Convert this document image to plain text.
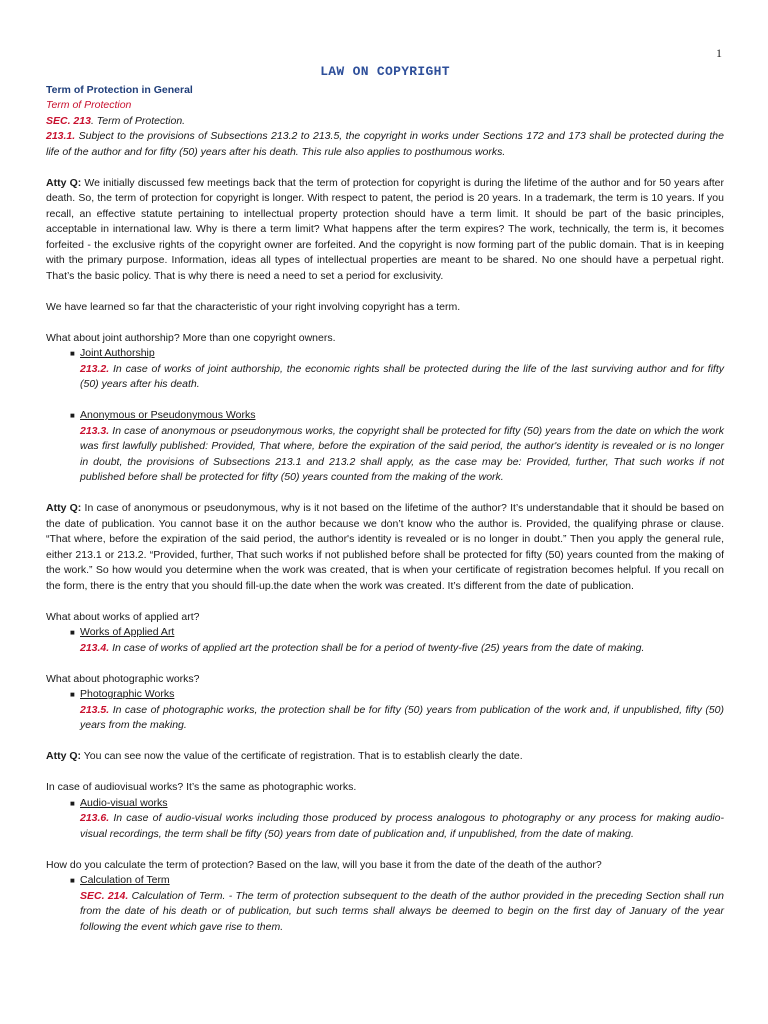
1
LAW ON COPYRIGHT
Term of Protection in General
Term of Protection
SEC. 213. Term of Protection.
213.1. Subject to the provisions of Subsections 213.2 to 213.5, the copyright in works under Sections 172 and 173 shall be protected during the life of the author and for fifty (50) years after his death. This rule also applies to posthumous works.
Atty Q: We initially discussed few meetings back that the term of protection for copyright is during the lifetime of the author and for 50 years after death. So, the term of protection for copyright is longer. With respect to patent, the period is 20 years. In a trademark, the term is 10 years. If you recall, an effective statute pertaining to intellectual property protection should have a term limit. It should be part of the basic principles, acceptable in international law. Why is there a term limit? What happens after the term expires? The work, technically, the term is, it becomes forfeited - the exclusive rights of the copyright owner are forfeited. And the copyright is now forming part of the public domain. That is in keeping with the primary purpose. Information, ideas all types of intellectual properties are meant to be shared. No one should have a perpetual right. That’s the basic policy. That is why there is need a need to set a period for exclusivity.
We have learned so far that the characteristic of your right involving copyright has a term.
What about joint authorship? More than one copyright owners.
■ Joint Authorship
213.2. In case of works of joint authorship, the economic rights shall be protected during the life of the last surviving author and for fifty (50) years after his death.
■ Anonymous or Pseudonymous Works
213.3. In case of anonymous or pseudonymous works, the copyright shall be protected for fifty (50) years from the date on which the work was first lawfully published: Provided, That where, before the expiration of the said period, the author's identity is revealed or is no longer in doubt, the provisions of Subsections 213.1 and 213.2 shall apply, as the case may be: Provided, further, That such works if not published before shall be protected for fifty (50) years counted from the making of the work.
Atty Q: In case of anonymous or pseudonymous, why is it not based on the lifetime of the author? It’s understandable that it should be based on the date of publication. You cannot base it on the author because we don’t know who the author is. Provided, the qualifying phrase or clause. “That where, before the expiration of the said period, the author's identity is revealed or is no longer in doubt.” Then you apply the general rule, either 213.1 or 213.2. “Provided, further, That such works if not published before shall be protected for fifty (50) years counted from the making of the work.” So how would you determine when the work was created, that is when your certificate of registration becomes helpful. If you recall on the form, there is the entry that you should fill-up.the date when the work was created. It’s different from the date of publication.
What about works of applied art?
■ Works of Applied Art
213.4. In case of works of applied art the protection shall be for a period of twenty-five (25) years from the date of making.
What about photographic works?
■ Photographic Works
213.5. In case of photographic works, the protection shall be for fifty (50) years from publication of the work and, if unpublished, fifty (50) years from the making.
Atty Q: You can see now the value of the certificate of registration. That is to establish clearly the date.
In case of audiovisual works? It’s the same as photographic works.
■ Audio-visual works
213.6. In case of audio-visual works including those produced by process analogous to photography or any process for making audio-visual recordings, the term shall be fifty (50) years from date of publication and, if unpublished, from the date of making.
How do you calculate the term of protection? Based on the law, will you base it from the date of the death of the author?
■ Calculation of Term
SEC. 214. Calculation of Term. - The term of protection subsequent to the death of the author provided in the preceding Section shall run from the date of his death or of publication, but such terms shall always be deemed to begin on the first day of January of the year following the event which gave rise to them.
